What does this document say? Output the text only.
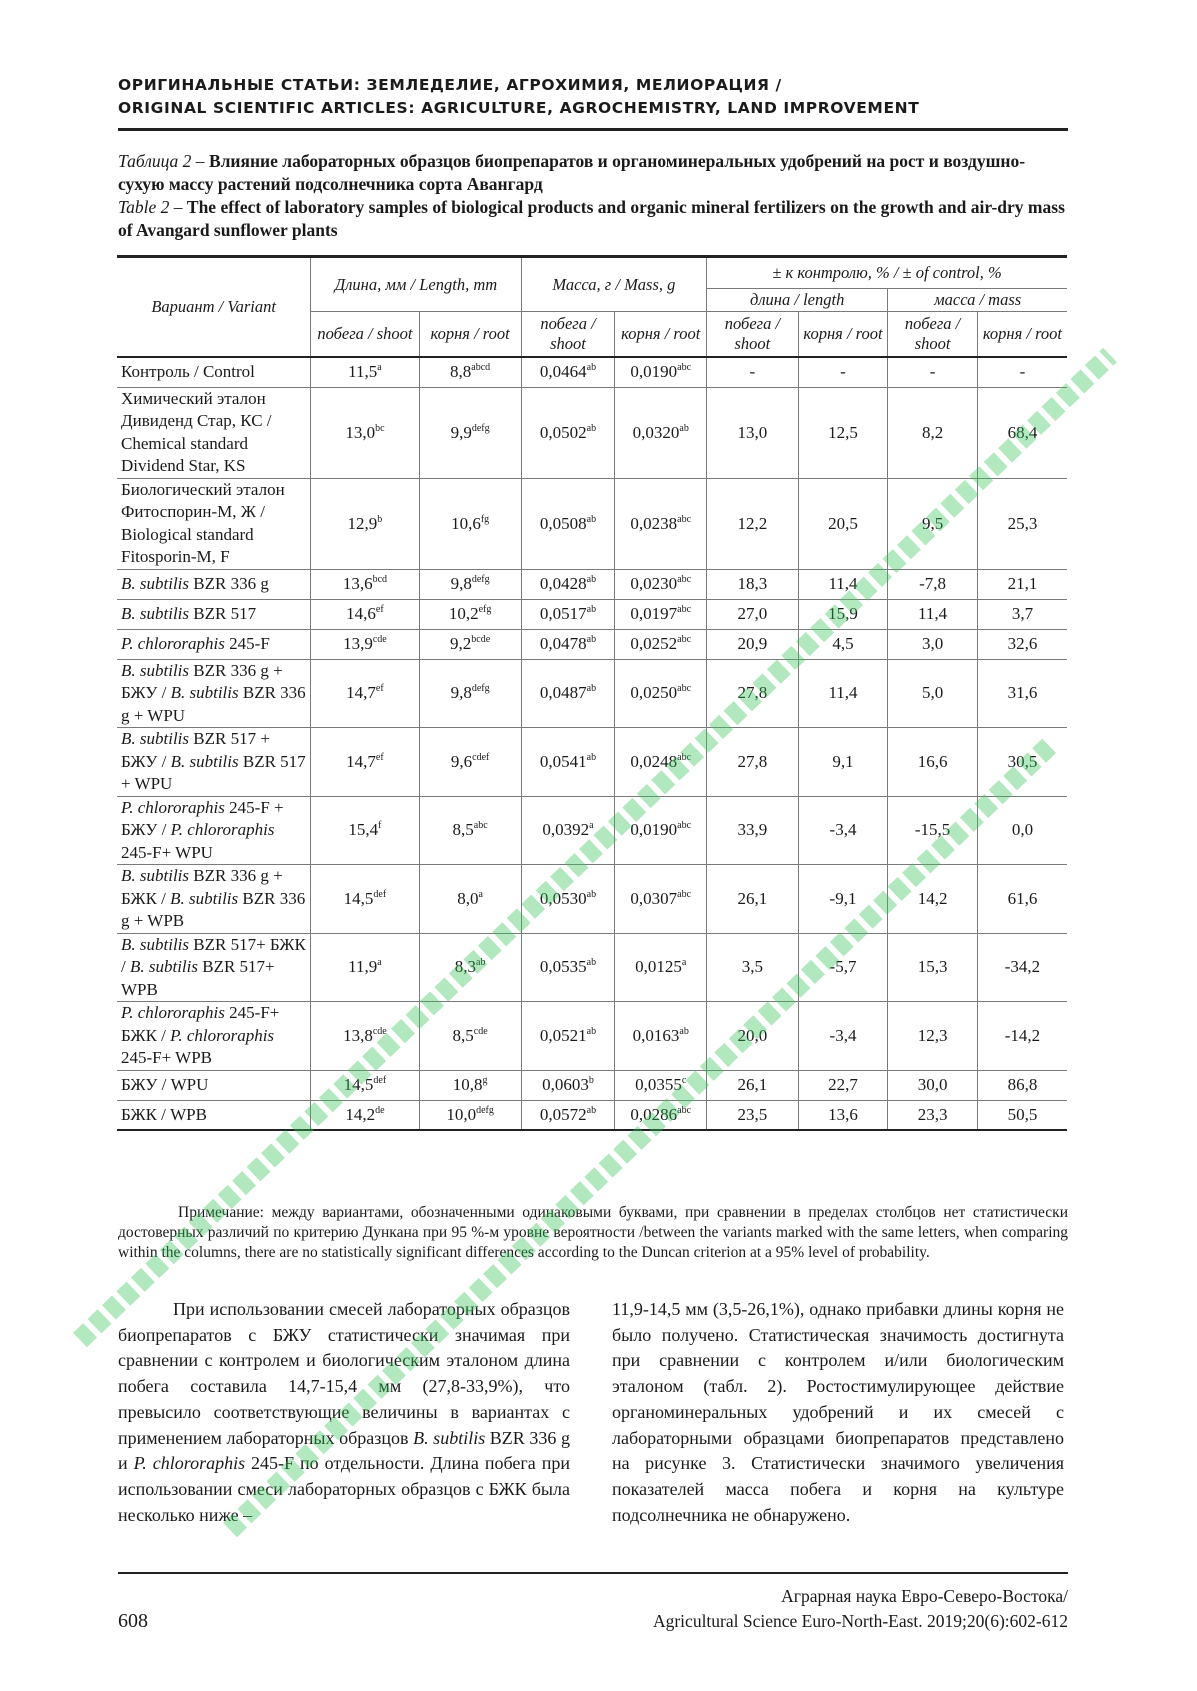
ОРИГИНАЛЬНЫЕ СТАТЬИ: ЗЕМЛЕДЕЛИЕ, АГРОХИМИЯ, МЕЛИОРАЦИЯ /
ORIGINAL SCIENTIFIC ARTICLES: AGRICULTURE, AGROCHEMISTRY, LAND IMPROVEMENT
Таблица 2 – Влияние лабораторных образцов биопрепаратов и органоминеральных удобрений на рост и воздушно-сухую массу растений подсолнечника сорта Авангард
Table 2 – The effect of laboratory samples of biological products and organic mineral fertilizers on the growth and air-dry mass of Avangard sunflower plants
Вариант / Variant	Длина, мм / Length, mm		Масса, г / Mass, g		± к контролю, % / ± of control, %			
					длина / length		масса / mass	
	побега / shoot	корня / root	побега / shoot	корня / root	побега / shoot	корня / root	побега / shoot	корня / root
Контроль / Control	11,5$^a$	$8,8^{abcd}$	0,0464$^{ab}$	0,0190$^{abc}$	-	-	-	-
Химический эталон Дивиденд Стар, КС / Chemical standard Dividend Star, KS	13,0$^{bc}$	$9,9^{defg}$	0,0502$^{ab}$	0,0320$^{ab}$	13,0	12,5	8,2	68,4
Биологический эталон Фитоспорин-М, Ж / Biological standard Fitosporin-M, F	12,9$^b$	10,6$^{fg}$	0,0508$^{ab}$	0,0238$^{abc}$	12,2	20,5	9,5	25,3
B. subtilis BZR 336 g	13,6$^{bcd}$	$9,8^{defg}$	0,0428$^{ab}$	0,0230$^{abc}$	18,3	11,4	-7,8	21,1
B. subtilis BZR 517	14,6$^{ef}$	10,2$^{efg}$	0,0517$^{ab}$	0,0197$^{abc}$	27,0	15,9	11,4	3,7
P. chlororaphis 245-F	13,9$^{cde}$	$9,2^{bcde}$	0,0478$^{ab}$	0,0252$^{abc}$	20,9	4,5	3,0	32,6
B. subtilis BZR 336 g + БЖУ / B. subtilis BZR 336 g + WPU	14,7$^{ef}$	$9,8^{defg}$	0,0487$^{ab}$	0,0250$^{abc}$	27,8	11,4	5,0	31,6
B. subtilis BZR 517 + БЖУ / B. subtilis BZR 517 + WPU	14,7$^{ef}$	$9,6^{cdef}$	0,0541$^{ab}$	0,0248$^{abc}$	27,8	9,1	16,6	30,5
P. chlororaphis 245-F + БЖУ / P. chlororaphis 245-F+ WPU	15,4$^f$	8,5$^{abc}$	0,0392$^a$	0,0190$^{abc}$	33,9	-3,4	-15,5	0,0
B. subtilis BZR 336 g + БЖК / B. subtilis BZR 336 g + WPB	14,5$^{def}$	8,0$^a$	0,0530$^{ab}$	0,0307$^{abc}$	26,1	-9,1	14,2	61,6
B. subtilis BZR 517+ БЖК / B. subtilis BZR 517+ WPB	11,9$^a$	8,3$^{ab}$	0,0535$^{ab}$	0,0125$^a$	3,5	-5,7	15,3	-34,2
P. chlororaphis 245-F+ БЖК / P. chlororaphis 245-F+ WPB	13,8$^{cde}$	8,5$^{cde}$	0,0521$^{ab}$	0,0163$^{ab}$	20,0	-3,4	12,3	-14,2
БЖУ / WPU	14,5$^{def}$	10,8$^g$	0,0603$^b$	0,0355$^c$	26,1	22,7	30,0	86,8
БЖК / WPB	14,2de	$10,0^{defg}$	0,0572$^{ab}$	0,0286$^{abc}$	23,5	13,6	23,3	50,5
Примечание: между вариантами, обозначенными одинаковыми буквами, при сравнении в пределах столбцов нет статистически достоверных различий по критерию Дункана при 95 %-м уровне вероятности /between the variants marked with the same letters, when comparing within the columns, there are no statistically significant differences according to the Duncan criterion at a 95% level of probability.
При использовании смесей лабораторных образцов биопрепаратов с БЖУ статистически значимая при сравнении с контролем и биологическим эталоном длина побега составила 14,7-15,4 мм (27,8-33,9%), что превысило соответствующие величины в вариантах с применением лабораторных образцов B. subtilis BZR 336 g и P. chlororaphis 245-F по отдельности. Длина побега при использовании смеси лабораторных образцов с БЖК была несколько ниже –
11,9-14,5 мм (3,5-26,1%), однако прибавки длины корня не было получено. Статистическая значимость достигнута при сравнении с контролем и/или биологическим эталоном (табл. 2). Ростостимулирующее действие органоминеральных удобрений и их смесей с лабораторными образцами биопрепаратов представлено на рисунке 3. Статистически значимого увеличения показателей масса побега и корня на культуре подсолнечника не обнаружено.
Аграрная наука Евро-Северо-Востока/
Agricultural Science Euro-North-East. 2019;20(6):602-612
608
